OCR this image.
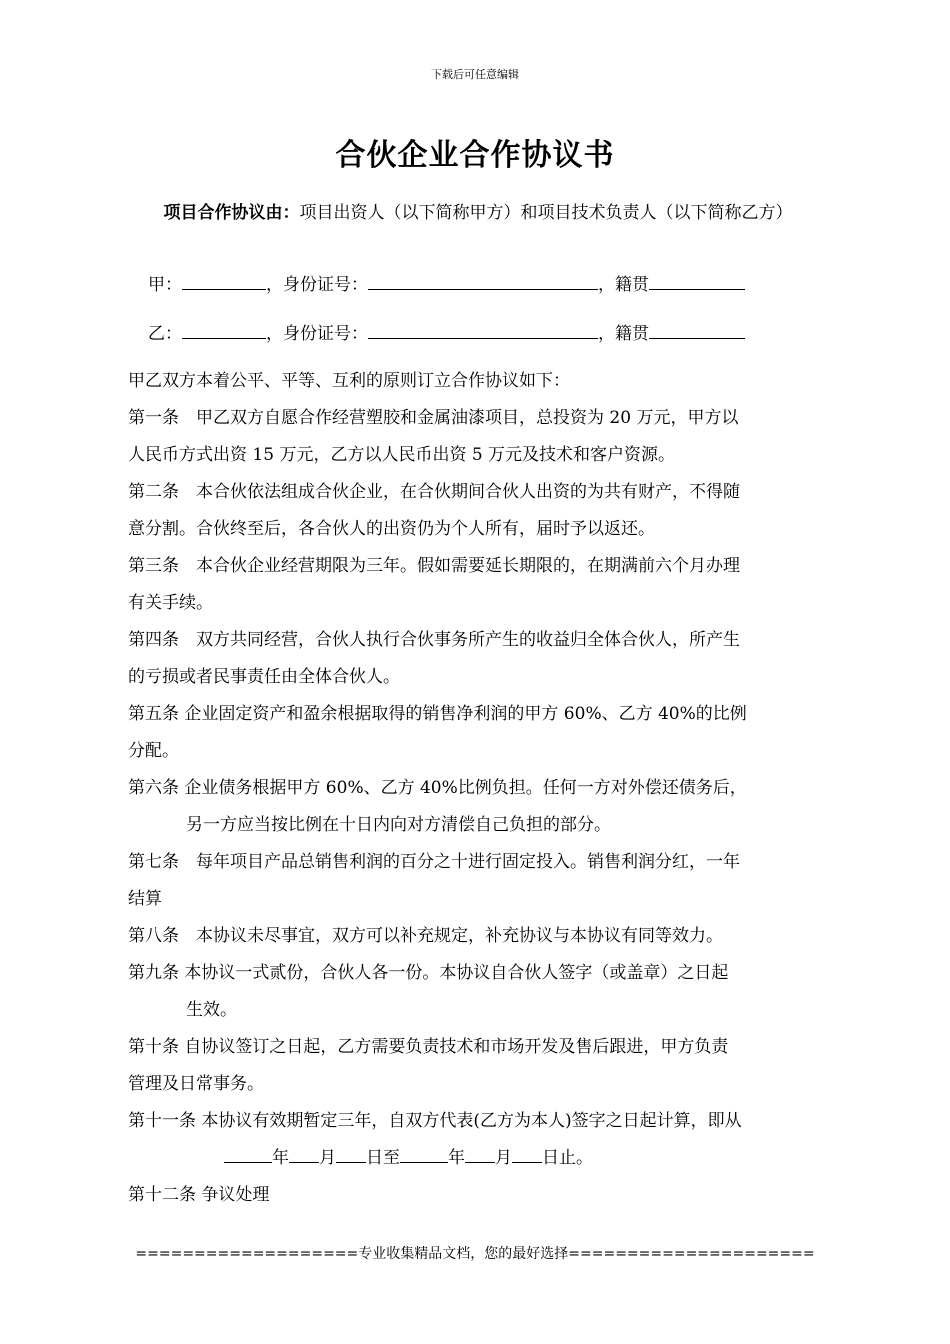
下载后可任意编辑
合伙企业合作协议书
项目合作协议由：项目出资人（以下简称甲方）和项目技术负责人（以下简称乙方）
甲：	，身份证号：	，籍贯
乙：	，身份证号：	，籍贯
甲乙双方本着公平、平等、互利的原则订立合作协议如下：
第一条　甲乙双方自愿合作经营塑胶和金属油漆项目，总投资为 20 万元，甲方以
人民币方式出资 15 万元，乙方以人民币出资 5 万元及技术和客户资源。
第二条　本合伙依法组成合伙企业，在合伙期间合伙人出资的为共有财产，不得随
意分割。合伙终至后，各合伙人的出资仍为个人所有，届时予以返还。
第三条　本合伙企业经营期限为三年。假如需要延长期限的，在期满前六个月办理
有关手续。
第四条　双方共同经营，合伙人执行合伙事务所产生的收益归全体合伙人，所产生
的亏损或者民事责任由全体合伙人。
第五条 企业固定资产和盈余根据取得的销售净利润的甲方 60%、乙方 40%的比例
分配。
第六条 企业债务根据甲方 60%、乙方 40%比例负担。任何一方对外偿还债务后，
另一方应当按比例在十日内向对方清偿自己负担的部分。
第七条　每年项目产品总销售利润的百分之十进行固定投入。销售利润分红，一年
结算
第八条　本协议未尽事宜，双方可以补充规定，补充协议与本协议有同等效力。
第九条 本协议一式贰份，合伙人各一份。本协议自合伙人签字（或盖章）之日起
生效。
第十条 自协议签订之日起，乙方需要负责技术和市场开发及售后跟进，甲方负责
管理及日常事务。
第十一条 本协议有效期暂定三年，自双方代表(乙方为本人)签字之日起计算，即从
年 月 日至	年 月 日止。
第十二条 争议处理
===================专业收集精品文档，您的最好选择=====================
